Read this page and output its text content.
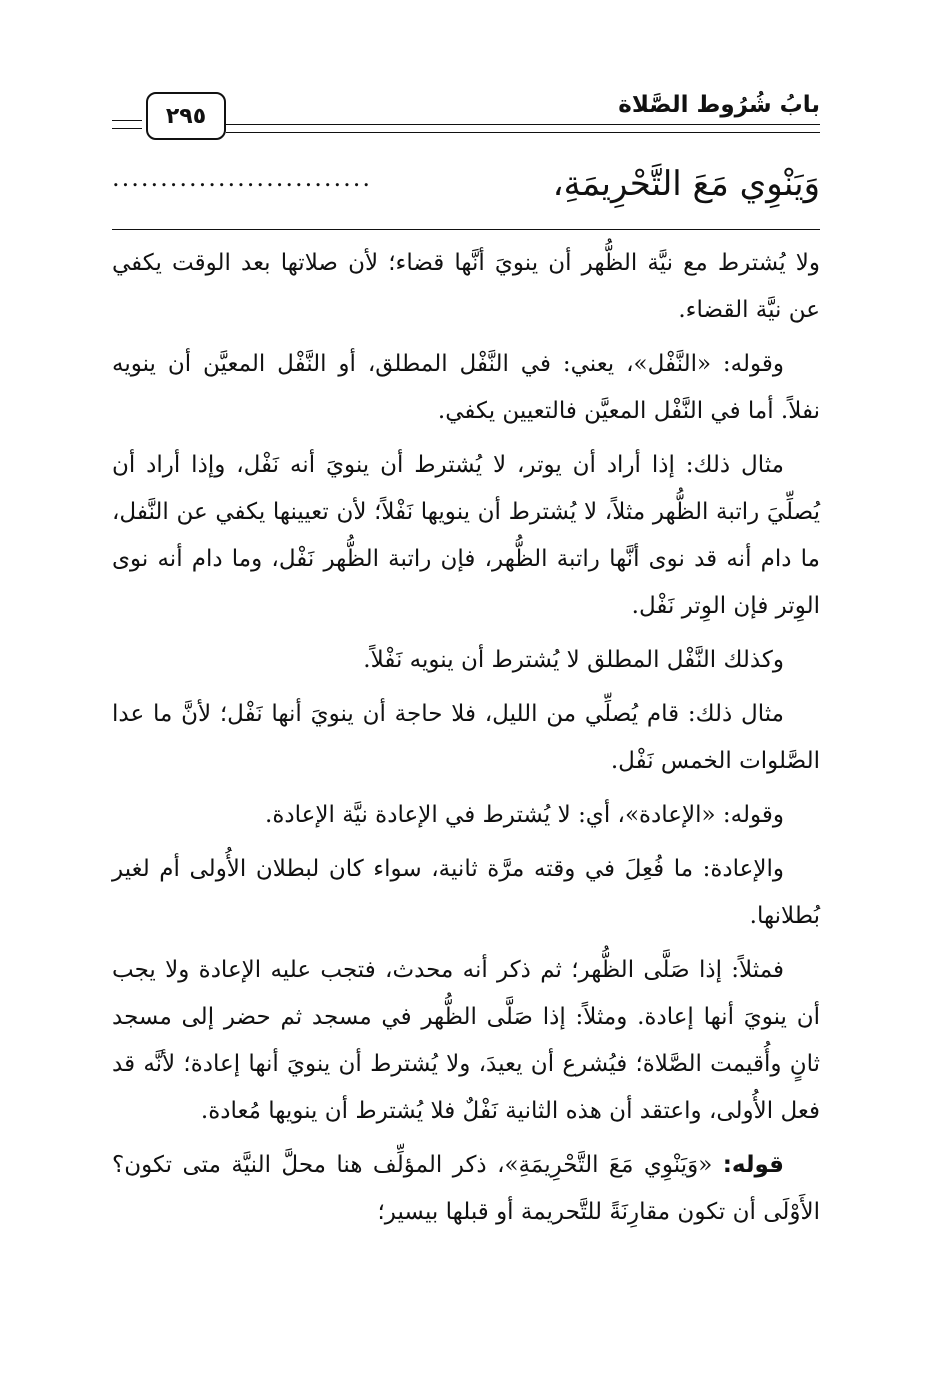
بابُ شُرُوط الصَّلاة
٢٩٥
وَيَنْوِي مَعَ التَّحْرِيمَةِ،
...........................

ولا يُشترط مع نيَّة الظُّهر أن ينويَ أنَّها قضاء؛ لأن صلاتها بعد الوقت يكفي عن نيَّة القضاء.

وقوله: «النَّفْل»، يعني: في النَّفْل المطلق، أو النَّفْل المعيَّن أن ينويه نفلاً. أما في النَّفْل المعيَّن فالتعيين يكفي.

مثال ذلك: إذا أراد أن يوتر، لا يُشترط أن ينويَ أنه نَفْل، وإذا أراد أن يُصلِّيَ راتبة الظُّهر مثلاً، لا يُشترط أن ينويها نَفْلاً؛ لأن تعيينها يكفي عن النَّفل، ما دام أنه قد نوى أنَّها راتبة الظُّهر، فإن راتبة الظُّهر نَفْل، وما دام أنه نوى الوِتر فإن الوِتر نَفْل.

وكذلك النَّفْل المطلق لا يُشترط أن ينويه نَفْلاً.

مثال ذلك: قام يُصلِّي من الليل، فلا حاجة أن ينويَ أنها نَفْل؛ لأنَّ ما عدا الصَّلوات الخمس نَفْل.

وقوله: «الإعادة»، أي: لا يُشترط في الإعادة نيَّة الإعادة.

والإعادة: ما فُعِلَ في وقته مرَّة ثانية، سواء كان لبطلان الأُولى أم لغير بُطلانها.

فمثلاً: إذا صَلَّى الظُّهر؛ ثم ذكر أنه محدث، فتجب عليه الإعادة ولا يجب أن ينويَ أنها إعادة. ومثلاً: إذا صَلَّى الظُّهر في مسجد ثم حضر إلى مسجد ثانٍ وأُقيمت الصَّلاة؛ فيُشرع أن يعيدَ، ولا يُشترط أن ينويَ أنها إعادة؛ لأنَّه قد فعل الأُولى، واعتقد أن هذه الثانية نَفْلٌ فلا يُشترط أن ينويها مُعادة.

قوله: «وَيَنْوِي مَعَ التَّحْرِيمَةِ»، ذكر المؤلِّف هنا محلَّ النيَّة متى تكون؟ الأَوْلَى أن تكون مقارِنَةً للتَّحريمة أو قبلها بيسير؛
